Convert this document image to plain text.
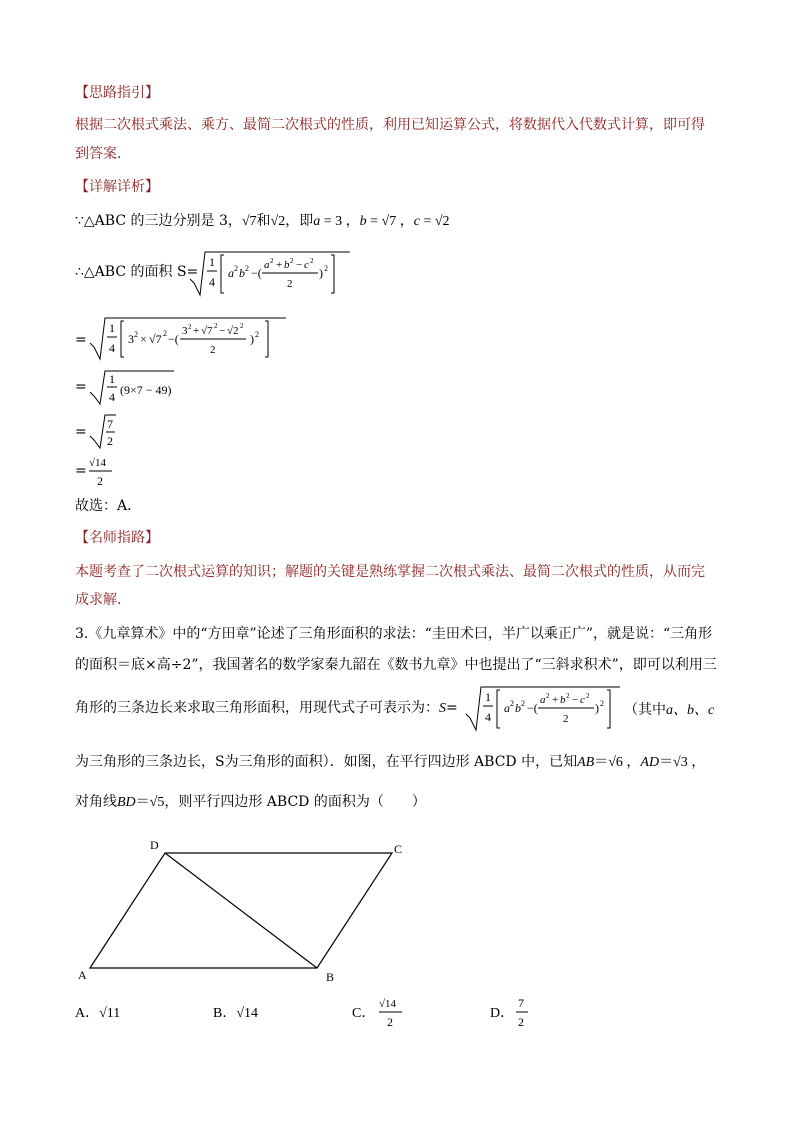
【思路指引】
根据二次根式乘法、乘方、最简二次根式的性质，利用已知运算公式，将数据代入代数式计算，即可得
到答案．
【详解详析】
∵△ABC 的三边分别是 3，√7和√2，即a = 3 ，b = √7 ，c = √2
∴△ABC 的面积 S=
1
4
a 2 b 2 −(
a 2 + b 2 − c 2
2
) 2
=
1
4
3 2 × √7 2 −(
3 2 + √7 2 − √2 2
2
) 2
= 1
4 (9×7 − 49)
= 7
2
= √14
2
故选：A．
【名师指路】
本题考查了二次根式运算的知识；解题的关键是熟练掌握二次根式乘法、最简二次根式的性质，从而完
成求解．
3.《九章算术》中的“方田章”论述了三角形面积的求法：“圭田术曰，半广以乘正广”，就是说：“三角形
的面积＝底×高÷2”，我国著名的数学家秦九韶在《数书九章》中也提出了“三斜求积术”，即可以利用三
角形的三条边长来求取三角形面积，用现代式子可表示为：S=
1
4
a 2 b 2 −(
a 2 + b 2 − c 2
2
) 2 （其中a、b、c
为三角形的三条边长，S为三角形的面积）．如图，在平行四边形 ABCD 中，已知AB＝√6 ，AD＝√3 ，
对角线BD＝√5，则平行四边形 ABCD 的面积为（　　）
A	B
C
D
A．√11	B．√14	C．
√14
2
D．
7
2
